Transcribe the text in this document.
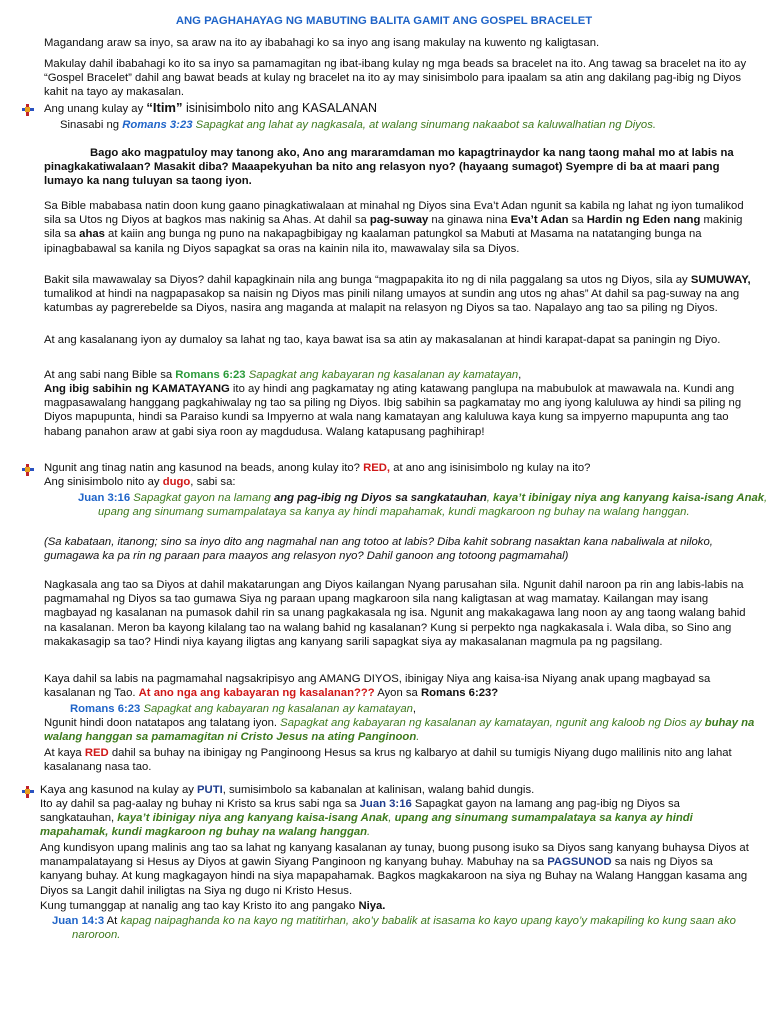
ANG PAGHAHAYAG NG MABUTING BALITA GAMIT ANG GOSPEL BRACELET

Magandang araw sa inyo, sa araw na ito ay ibabahagi ko sa inyo ang isang makulay na kuwento ng kaligtasan.

Makulay dahil ibabahagi ko ito sa inyo sa pamamagitan ng ibat-ibang kulay ng mga beads sa bracelet na ito. Ang tawag sa bracelet na ito ay “Gospel Bracelet” dahil ang bawat beads at kulay ng bracelet na ito ay may sinisimbolo para ipaalam sa atin ang dakilang pag-ibig ng Diyos kahit na tayo ay makasalan.

Ang unang kulay ay “Itim” isinisimbolo nito ang KASALANAN

Sinasabi ng Romans 3:23 Sapagkat ang lahat ay nagkasala, at walang sinumang nakaabot sa kaluwalhatian ng Diyos.

Bago ako magpatuloy may tanong ako, Ano ang mararamdaman mo kapagtrinaydor ka nang taong mahal mo at labis na pinagkakatiwalaan? Masakit diba? Maaapekyuhan ba nito ang relasyon nyo? (hayaang sumagot) Syempre di ba at maari pang lumayo ka nang tuluyan sa taong iyon.

Sa Bible mababasa natin doon kung gaano pinagkatiwalaan at minahal ng Diyos sina Eva’t Adan ngunit sa kabila ng lahat ng iyon tumalikod sila sa Utos ng Diyos at bagkos mas nakinig sa Ahas. At dahil sa pag-suway na ginawa nina Eva’t Adan sa Hardin ng Eden nang makinig sila sa ahas at kaiin ang bunga ng puno na nakapagbibigay ng kaalaman patungkol sa Mabuti at Masama na natatanging bunga na ipinagbabawal sa kanila ng Diyos sapagkat sa oras na kainin nila ito, mawawalay sila sa Diyos.

Bakit sila mawawalay sa Diyos? dahil kapagkinain nila ang bunga “magpapakita ito ng di nila paggalang sa utos ng Diyos, sila ay SUMUWAY, tumalikod at hindi na nagpapasakop sa naisin ng Diyos mas pinili nilang umayos at sundin ang utos ng ahas” At dahil sa pag-suway na ang katumbas ay pagrerebelde sa Diyos, nasira ang maganda at malapit na relasyon ng Diyos sa tao. Napalayo ang tao sa piling ng Diyos.

At ang kasalanang iyon ay dumaloy sa lahat ng tao, kaya bawat isa sa atin ay makasalanan at hindi karapat-dapat sa paningin ng Diyo.

At ang sabi nang Bible sa Romans 6:23 Sapagkat ang kabayaran ng kasalanan ay kamatayan,

Ang ibig sabihin ng KAMATAYANG ito ay hindi ang pagkamatay ng ating katawang panglupa na mabubulok at mawawala na. Kundi ang magpasawalang hanggang pagkahiwalay ng tao sa piling ng Diyos. Ibig sabihin sa pagkamatay mo ang iyong kaluluwa ay hindi sa piling ng Diyos mapupunta, hindi sa Paraiso kundi sa Impyerno at wala nang kamatayan ang kaluluwa kaya kung sa impyerno mapupunta ang tao habang panahon araw at gabi siya roon ay magdudusa. Walang katapusang paghihirap!

Ngunit ang tinag natin ang kasunod na beads, anong kulay ito? RED, at ano ang isinisimbolo ng kulay na ito?

Ang sinisimbolo nito ay dugo, sabi sa:

Juan 3:16 Sapagkat gayon na lamang ang pag-ibig ng Diyos sa sangkatauhan, kaya’t ibinigay niya ang kanyang kaisa-isang Anak, upang ang sinumang sumampalataya sa kanya ay hindi mapahamak, kundi magkaroon ng buhay na walang hanggan.

(Sa kabataan, itanong; sino sa inyo dito ang nagmahal nan ang totoo at labis? Diba kahit sobrang nasaktan kana nabaliwala at niloko, gumagawa ka pa rin ng paraan para maayos ang relasyon nyo? Dahil ganoon ang totoong pagmamahal)

Nagkasala ang tao sa Diyos at dahil makatarungan ang Diyos kailangan Nyang parusahan sila. Ngunit dahil naroon pa rin ang labis-labis na pagmamahal ng Diyos sa tao gumawa Siya ng paraan upang magkaroon sila nang kaligtasan at wag mamatay. Kailangan may isang magbayad ng kasalanan na pumasok dahil rin sa unang pagkakasala ng isa. Ngunit ang makakagawa lang noon ay ang taong walang bahid na kasalanan. Meron ba kayong kilalang tao na walang bahid ng kasalanan? Kung si perpekto nga nagkakasala i. Wala diba, so Sino ang makakasagip sa tao? Hindi niya kayang iligtas ang kanyang sarili sapagkat siya ay makasalanan magmula pa ng pagsilang.

Kaya dahil sa labis na pagmamahal nagsakripisyo ang AMANG DIYOS, ibinigay Niya ang kaisa-isa Niyang anak upang magbayad sa kasalanan ng Tao. At ano nga ang kabayaran ng kasalanan??? Ayon sa Romans 6:23?

Romans 6:23 Sapagkat ang kabayaran ng kasalanan ay kamatayan,

Ngunit hindi doon natatapos ang talatang iyon. Sapagkat ang kabayaran ng kasalanan ay kamatayan, ngunit ang kaloob ng Dios ay buhay na walang hanggan sa pamamagitan ni Cristo Jesus na ating Panginoon.

At kaya RED dahil sa buhay na ibinigay ng Panginoong Hesus sa krus ng kalbaryo at dahil su tumigis Niyang dugo malilinis nito ang lahat kasalanang nasa tao.

Kaya ang kasunod na kulay ay PUTI, sumisimbolo sa kabanalan at kalinisan, walang bahid dungis.

Ito ay dahil sa pag-aalay ng buhay ni Kristo sa krus sabi nga sa Juan 3:16 Sapagkat gayon na lamang ang pag-ibig ng Diyos sa sangkatauhan, kaya’t ibinigay niya ang kanyang kaisa-isang Anak, upang ang sinumang sumampalataya sa kanya ay hindi mapahamak, kundi magkaroon ng buhay na walang hanggan.

Ang kundisyon upang malinis ang tao sa lahat ng kanyang kasalanan ay tunay, buong pusong isuko sa Diyos sang kanyang buhaysa Diyos at manampalatayang si Hesus ay Diyos at gawin Siyang Panginoon ng kanyang buhay. Mabuhay na sa PAGSUNOD sa nais ng Diyos sa kanyang buhay. At kung magkagayon hindi na siya mapapahamak. Bagkos magkakaroon na siya ng Buhay na Walang Hanggan kasama ang Diyos sa Langit dahil iniligtas na Siya ng dugo ni Kristo Hesus.

Kung tumanggap at nanalig ang tao kay Kristo ito ang pangako Niya.

Juan 14:3 At kapag naipaghanda ko na kayo ng matitirhan, ako’y babalik at isasama ko kayo upang kayo’y makapiling ko kung saan ako naroroon.
